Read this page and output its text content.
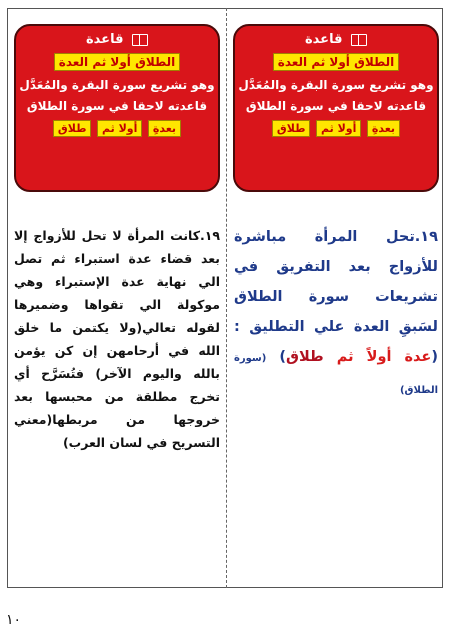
قاعدة
الطلاق أولا ثم العدة
وهو تشريع سورة البقرة والمُعَدَّل
قاعدته لاحقا في سورة الطلاق
بعدةِ أولا ثم طلاق
قاعدة
الطلاق أولا ثم العدة
وهو تشريع سورة البقرة والمُعَدَّل
قاعدته لاحقا في سورة الطلاق
بعدةِ أولا ثم طلاق
١٩.كانت المرأة لا تحل للأزواج إلا بعد قضاء عدة استبراء ثم تصل الي نهاية عدة الإستبراء وهي موكولة الي تقواها وضميرها لقوله تعالي(ولا يكتمن ما خلق الله في أرحامهن إن كن يؤمن بالله واليوم الآخر) فتُسَرَّح أي تخرج مطلقة من محبسها بعد خروجها من مربطها(معني التسريح في لسان العرب)
١٩.تحل المرأة مباشرة للأزواج بعد التفريق في تشريعات سورة الطلاق لسَبقِ العدة علي التطليق : (عدة أولاً ثم طلاق) (سورة الطلاق)
١٠
